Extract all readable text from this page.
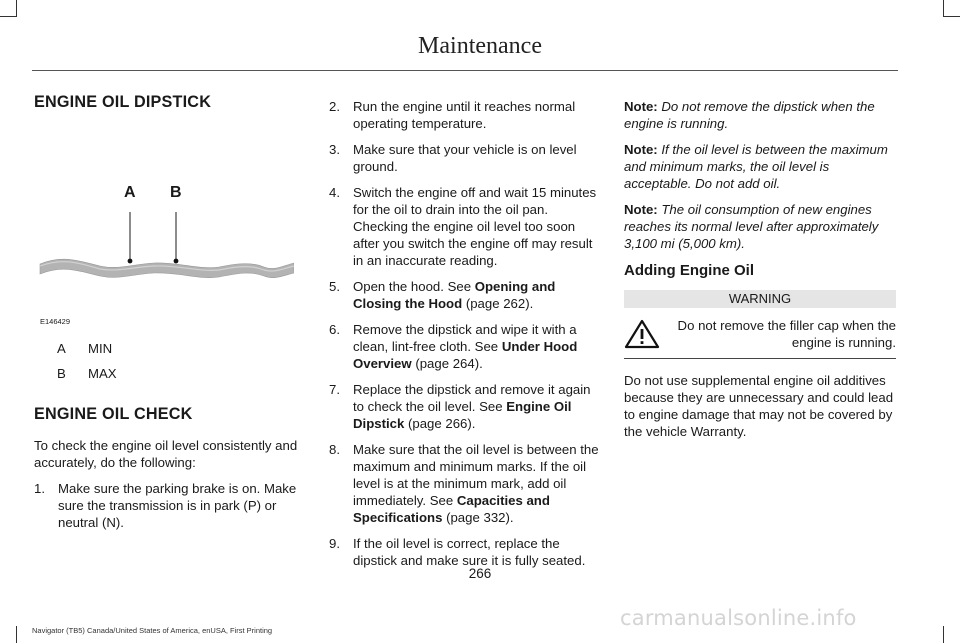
Maintenance
ENGINE OIL DIPSTICK
A B
E146429
A	MIN
B	MAX
ENGINE OIL CHECK

To check the engine oil level consistently and accurately, do the following:

1. Make sure the parking brake is on. Make sure the transmission is in park (P) or neutral (N).
2. Run the engine until it reaches normal operating temperature.
3. Make sure that your vehicle is on level ground.
4. Switch the engine off and wait 15 minutes for the oil to drain into the oil pan. Checking the engine oil level too soon after you switch the engine off may result in an inaccurate reading.
5. Open the hood. See Opening and Closing the Hood (page 262).
6. Remove the dipstick and wipe it with a clean, lint-free cloth. See Under Hood Overview (page 264).
7. Replace the dipstick and remove it again to check the oil level. See Engine Oil Dipstick (page 266).
8. Make sure that the oil level is between the maximum and minimum marks. If the oil level is at the minimum mark, add oil immediately. See Capacities and Specifications (page 332).
9. If the oil level is correct, replace the dipstick and make sure it is fully seated.
Note: Do not remove the dipstick when the engine is running.
Note: If the oil level is between the maximum and minimum marks, the oil level is acceptable. Do not add oil.
Note: The oil consumption of new engines reaches its normal level after approximately 3,100 mi (5,000 km).
Adding Engine Oil
WARNING

Do not remove the filler cap when the engine is running.

Do not use supplemental engine oil additives because they are unnecessary and could lead to engine damage that may not be covered by the vehicle Warranty.

266
Navigator (TB5) Canada/United States of America, enUSA, First Printing
carmanualsonline.info
